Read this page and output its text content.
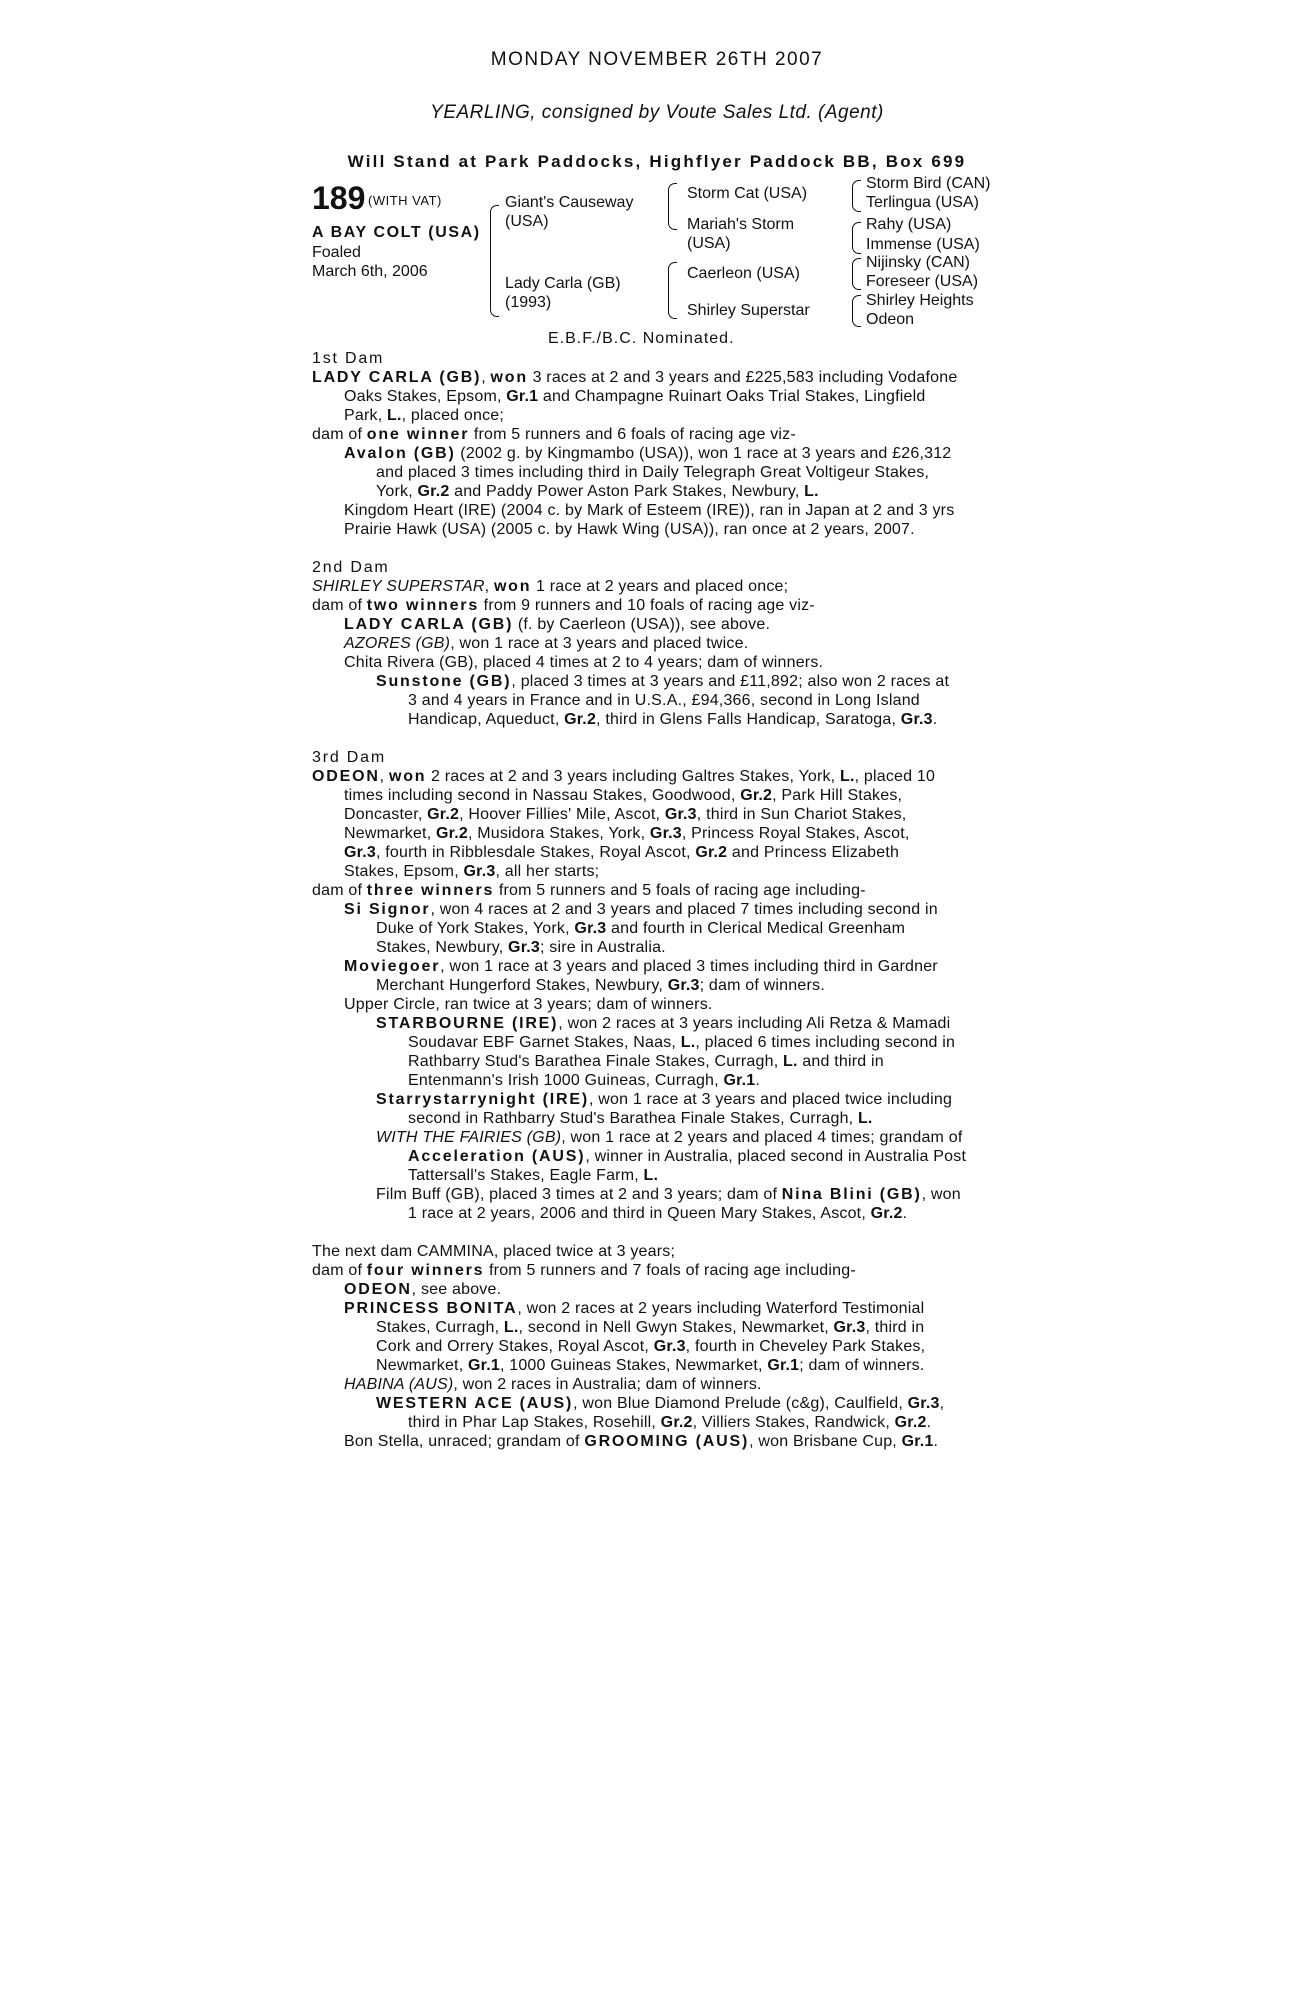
MONDAY NOVEMBER 26TH 2007
YEARLING, consigned by Voute Sales Ltd. (Agent)
Will Stand at Park Paddocks, Highflyer Paddock BB, Box 699
189 (WITH VAT)
A BAY COLT (USA)
Foaled
March 6th, 2006
Giant's Causeway
(USA)
Lady Carla (GB)
(1993)
Storm Cat (USA)
Mariah's Storm
(USA)
Caerleon (USA)
Shirley Superstar
Storm Bird (CAN)
Terlingua (USA)
Rahy (USA)
Immense (USA)
Nijinsky (CAN)
Foreseer (USA)
Shirley Heights
Odeon
E.B.F./B.C. Nominated.
1st Dam
LADY CARLA (GB), won 3 races at 2 and 3 years and £225,583 including Vodafone
Oaks Stakes, Epsom, Gr.1 and Champagne Ruinart Oaks Trial Stakes, Lingfield
Park, L., placed once;
dam of one winner from 5 runners and 6 foals of racing age viz-
Avalon (GB) (2002 g. by Kingmambo (USA)), won 1 race at 3 years and £26,312
and placed 3 times including third in Daily Telegraph Great Voltigeur Stakes,
York, Gr.2 and Paddy Power Aston Park Stakes, Newbury, L.
Kingdom Heart (IRE) (2004 c. by Mark of Esteem (IRE)), ran in Japan at 2 and 3 yrs
Prairie Hawk (USA) (2005 c. by Hawk Wing (USA)), ran once at 2 years, 2007.
2nd Dam
SHIRLEY SUPERSTAR, won 1 race at 2 years and placed once;
dam of two winners from 9 runners and 10 foals of racing age viz-
LADY CARLA (GB) (f. by Caerleon (USA)), see above.
AZORES (GB), won 1 race at 3 years and placed twice.
Chita Rivera (GB), placed 4 times at 2 to 4 years; dam of winners.
Sunstone (GB), placed 3 times at 3 years and £11,892; also won 2 races at
3 and 4 years in France and in U.S.A., £94,366, second in Long Island
Handicap, Aqueduct, Gr.2, third in Glens Falls Handicap, Saratoga, Gr.3.
3rd Dam
ODEON, won 2 races at 2 and 3 years including Galtres Stakes, York, L., placed 10
times including second in Nassau Stakes, Goodwood, Gr.2, Park Hill Stakes,
Doncaster, Gr.2, Hoover Fillies' Mile, Ascot, Gr.3, third in Sun Chariot Stakes,
Newmarket, Gr.2, Musidora Stakes, York, Gr.3, Princess Royal Stakes, Ascot,
Gr.3, fourth in Ribblesdale Stakes, Royal Ascot, Gr.2 and Princess Elizabeth
Stakes, Epsom, Gr.3, all her starts;
dam of three winners from 5 runners and 5 foals of racing age including-
Si Signor, won 4 races at 2 and 3 years and placed 7 times including second in
Duke of York Stakes, York, Gr.3 and fourth in Clerical Medical Greenham
Stakes, Newbury, Gr.3; sire in Australia.
Moviegoer, won 1 race at 3 years and placed 3 times including third in Gardner
Merchant Hungerford Stakes, Newbury, Gr.3; dam of winners.
Upper Circle, ran twice at 3 years; dam of winners.
STARBOURNE (IRE), won 2 races at 3 years including Ali Retza & Mamadi
Soudavar EBF Garnet Stakes, Naas, L., placed 6 times including second in
Rathbarry Stud's Barathea Finale Stakes, Curragh, L. and third in
Entenmann's Irish 1000 Guineas, Curragh, Gr.1.
Starrystarrynight (IRE), won 1 race at 3 years and placed twice including
second in Rathbarry Stud's Barathea Finale Stakes, Curragh, L.
WITH THE FAIRIES (GB), won 1 race at 2 years and placed 4 times; grandam of
Acceleration (AUS), winner in Australia, placed second in Australia Post
Tattersall's Stakes, Eagle Farm, L.
Film Buff (GB), placed 3 times at 2 and 3 years; dam of Nina Blini (GB), won
1 race at 2 years, 2006 and third in Queen Mary Stakes, Ascot, Gr.2.
The next dam CAMMINA, placed twice at 3 years;
dam of four winners from 5 runners and 7 foals of racing age including-
ODEON, see above.
PRINCESS BONITA, won 2 races at 2 years including Waterford Testimonial
Stakes, Curragh, L., second in Nell Gwyn Stakes, Newmarket, Gr.3, third in
Cork and Orrery Stakes, Royal Ascot, Gr.3, fourth in Cheveley Park Stakes,
Newmarket, Gr.1, 1000 Guineas Stakes, Newmarket, Gr.1; dam of winners.
HABINA (AUS), won 2 races in Australia; dam of winners.
WESTERN ACE (AUS), won Blue Diamond Prelude (c&g), Caulfield, Gr.3,
third in Phar Lap Stakes, Rosehill, Gr.2, Villiers Stakes, Randwick, Gr.2.
Bon Stella, unraced; grandam of GROOMING (AUS), won Brisbane Cup, Gr.1.
